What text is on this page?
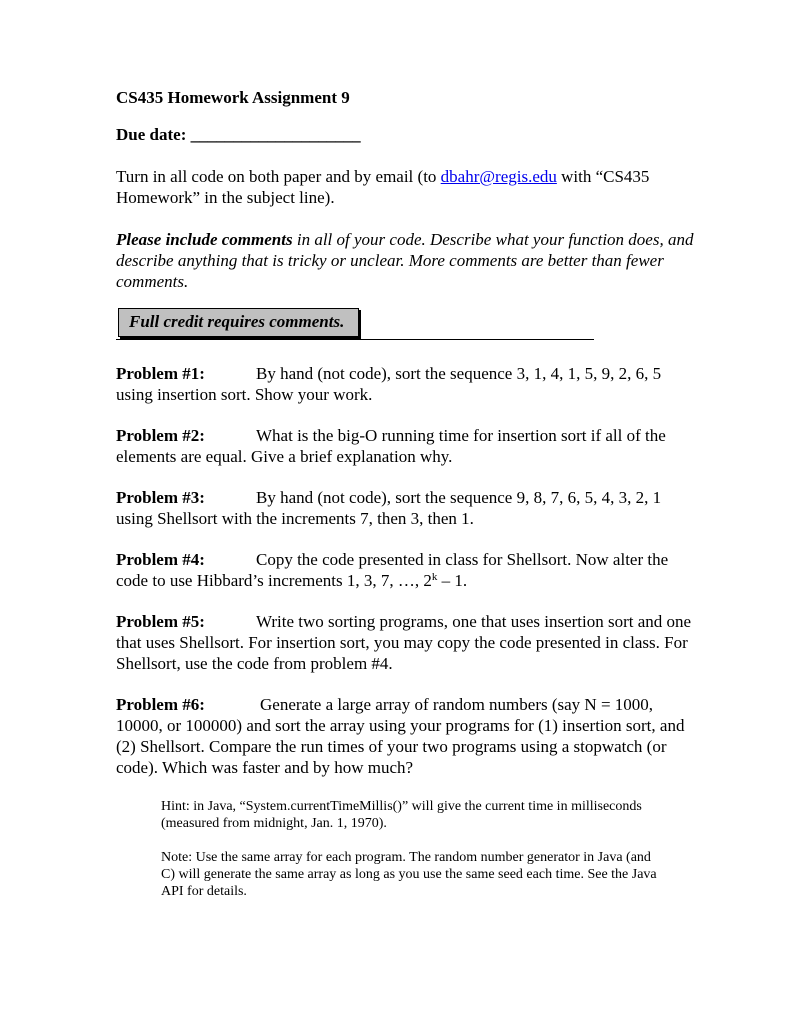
CS435 Homework Assignment 9
Due date: ____________________
Turn in all code on both paper and by email (to dbahr@regis.edu with “CS435 Homework” in the subject line).
Please include comments in all of your code. Describe what your function does, and describe anything that is tricky or unclear. More comments are better than fewer comments.
Full credit requires comments.
Problem #1:	By hand (not code), sort the sequence 3, 1, 4, 1, 5, 9, 2, 6, 5 using insertion sort. Show your work.
Problem #2:	What is the big-O running time for insertion sort if all of the elements are equal. Give a brief explanation why.
Problem #3:	By hand (not code), sort the sequence 9, 8, 7, 6, 5, 4, 3, 2, 1 using Shellsort with the increments 7, then 3, then 1.
Problem #4:	Copy the code presented in class for Shellsort. Now alter the code to use Hibbard’s increments 1, 3, 7, …, 2$^k$ – 1.
Problem #5:	Write two sorting programs, one that uses insertion sort and one that uses Shellsort. For insertion sort, you may copy the code presented in class. For Shellsort, use the code from problem #4.
Problem #6:	Generate a large array of random numbers (say N = 1000, 10000, or 100000) and sort the array using your programs for (1) insertion sort, and (2) Shellsort. Compare the run times of your two programs using a stopwatch (or code). Which was faster and by how much?
Hint: in Java, “System.currentTimeMillis()” will give the current time in milliseconds (measured from midnight, Jan. 1, 1970).
Note: Use the same array for each program. The random number generator in Java (and C) will generate the same array as long as you use the same seed each time. See the Java API for details.
